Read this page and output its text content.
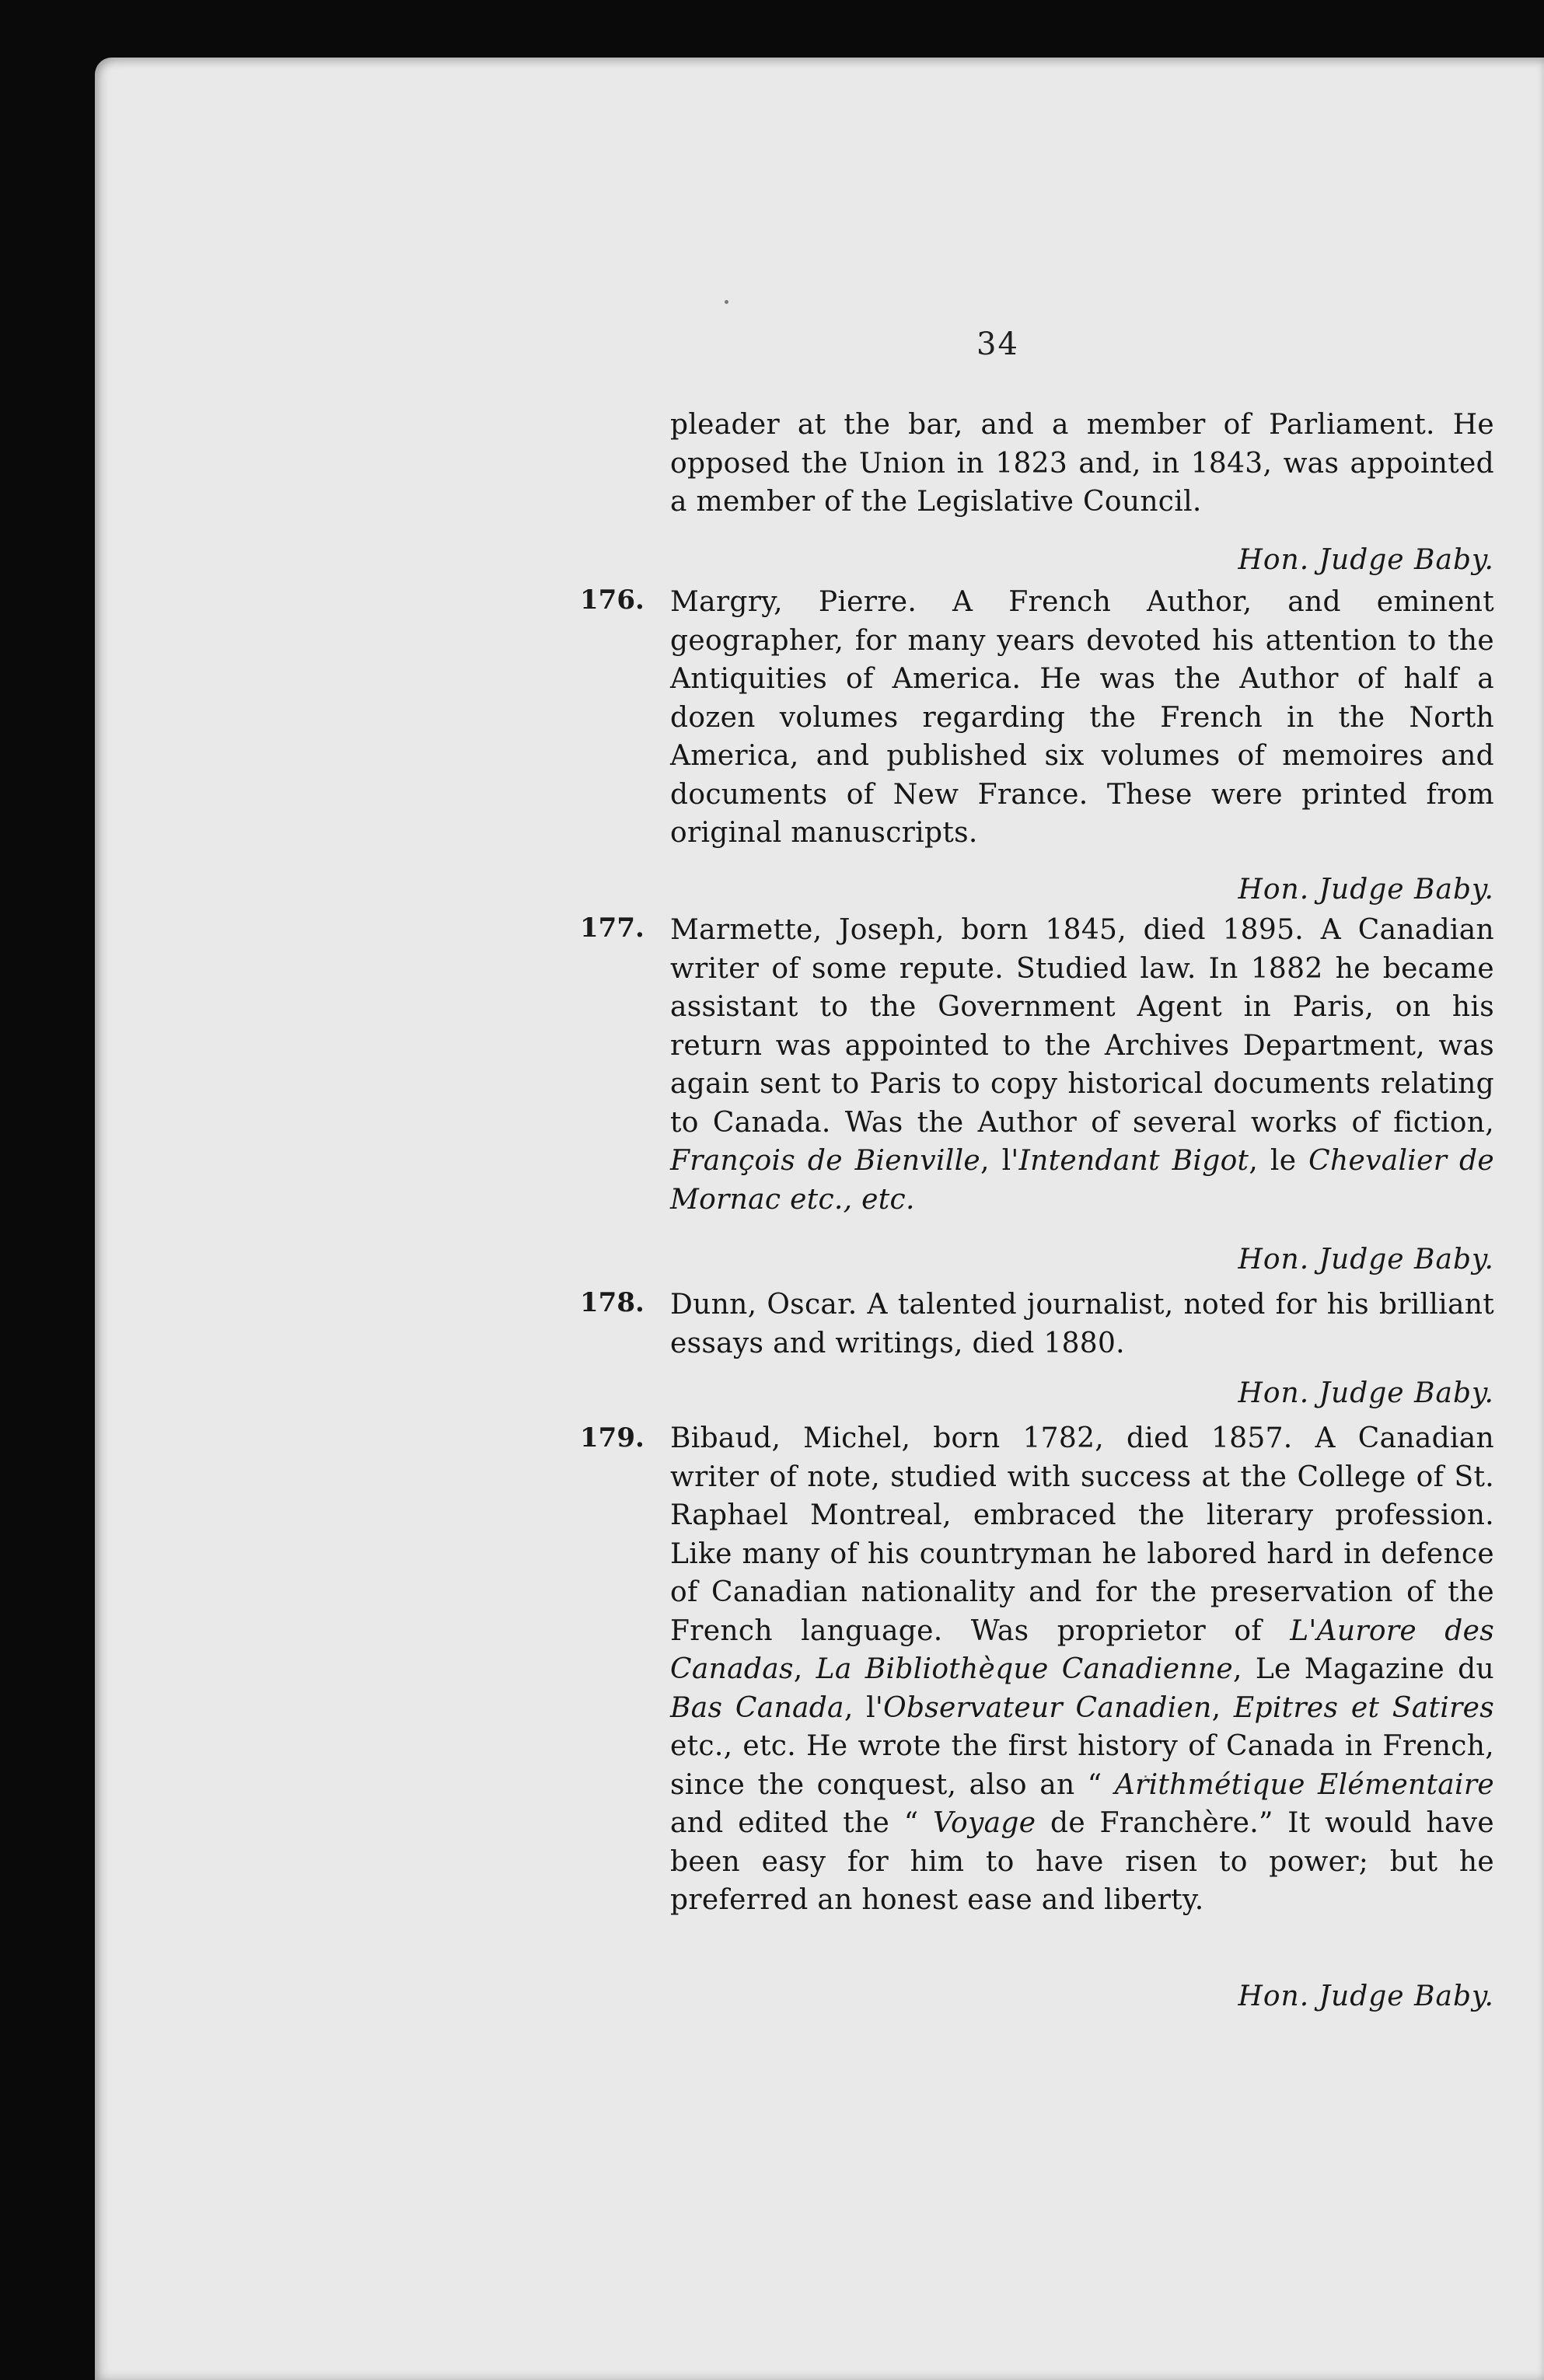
34
pleader at the bar, and a member of Parliament. He opposed the Union in 1823 and, in 1843, was appointed a member of the Legislative Council.
Hon. Judge Baby.
176. Margry, Pierre. A French Author, and eminent geographer, for many years devoted his attention to the Antiquities of America. He was the Author of half a dozen volumes regarding the French in the North America, and published six volumes of memoires and documents of New France. These were printed from original manuscripts.
Hon. Judge Baby.
177. Marmette, Joseph, born 1845, died 1895. A Canadian writer of some repute. Studied law. In 1882 he became assistant to the Government Agent in Paris, on his return was appointed to the Archives Department, was again sent to Paris to copy historical documents relating to Canada. Was the Author of several works of fiction, François de Bienville, l'Intendant Bigot, le Chevalier de Mornac etc., etc.
Hon. Judge Baby.
178. Dunn, Oscar. A talented journalist, noted for his brilliant essays and writings, died 1880.
Hon. Judge Baby.
179. Bibaud, Michel, born 1782, died 1857. A Canadian writer of note, studied with success at the College of St. Raphael Montreal, embraced the literary profession. Like many of his countryman he labored hard in defence of Canadian nationality and for the preservation of the French language. Was proprietor of L'Aurore des Canadas, La Bibliothèque Canadienne, Le Magazine du Bas Canada, l'Observateur Canadien, Epitres et Satires etc., etc. He wrote the first history of Canada in French, since the conquest, also an “ Arithmétique Elémentaire and edited the “ Voyage de Franchère.” It would have been easy for him to have risen to power; but he preferred an honest ease and liberty.
Hon. Judge Baby.
